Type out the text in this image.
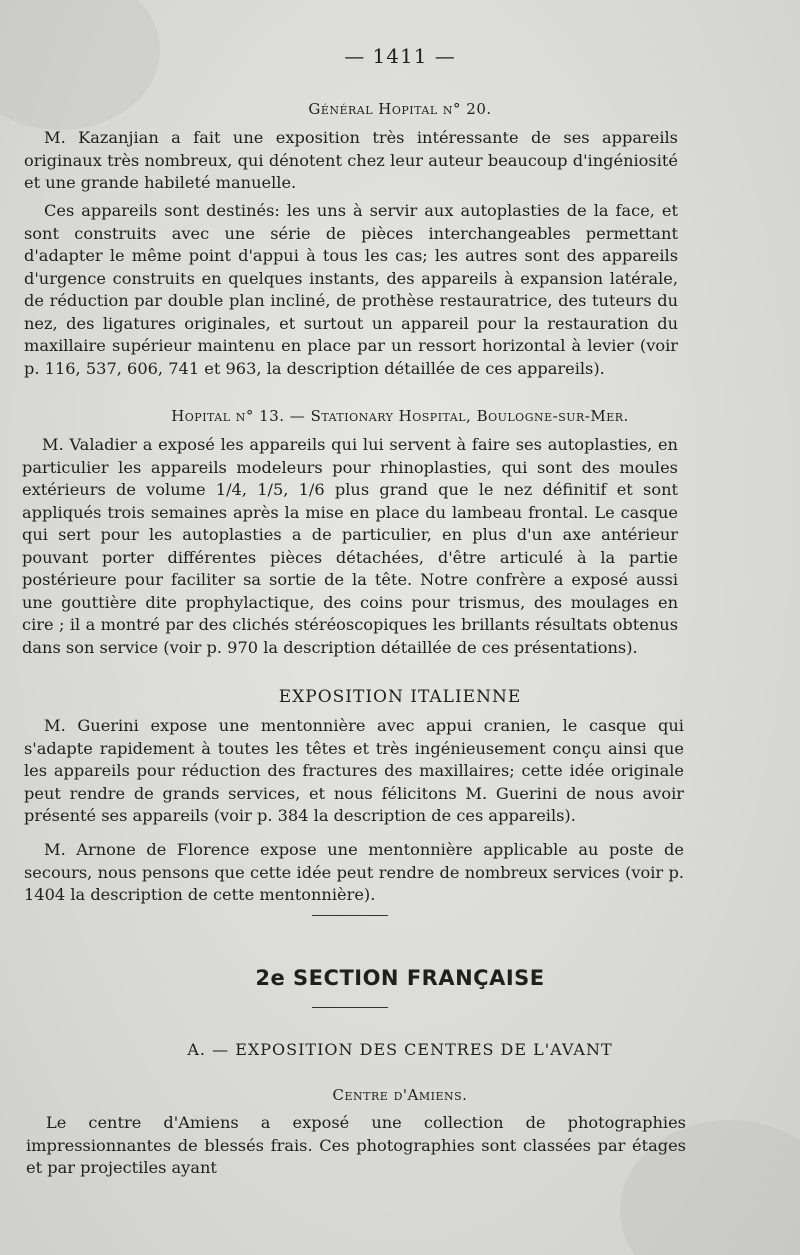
— 1411 —
Général Hopital n° 20.
M. Kazanjian a fait une exposition très intéressante de ses appareils originaux très nombreux, qui dénotent chez leur auteur beaucoup d'ingéniosité et une grande habileté manuelle.
Ces appareils sont destinés: les uns à servir aux autoplasties de la face, et sont construits avec une série de pièces interchangeables permettant d'adapter le même point d'appui à tous les cas; les autres sont des appareils d'urgence construits en quelques instants, des appareils à expansion latérale, de réduction par double plan incliné, de prothèse restauratrice, des tuteurs du nez, des ligatures originales, et surtout un appareil pour la restauration du maxillaire supérieur maintenu en place par un ressort horizontal à levier (voir p. 116, 537, 606, 741 et 963, la description détaillée de ces appareils).
Hopital n° 13. — Stationary Hospital, Boulogne-sur-Mer.
M. Valadier a exposé les appareils qui lui servent à faire ses autoplasties, en particulier les appareils modeleurs pour rhinoplasties, qui sont des moules extérieurs de volume 1/4, 1/5, 1/6 plus grand que le nez définitif et sont appliqués trois semaines après la mise en place du lambeau frontal. Le casque qui sert pour les autoplasties a de particulier, en plus d'un axe antérieur pouvant porter différentes pièces détachées, d'être articulé à la partie postérieure pour faciliter sa sortie de la tête. Notre confrère a exposé aussi une gouttière dite prophylactique, des coins pour trismus, des moulages en cire ; il a montré par des clichés stéréoscopiques les brillants résultats obtenus dans son service (voir p. 970 la description détaillée de ces présentations).
EXPOSITION ITALIENNE
M. Guerini expose une mentonnière avec appui cranien, le casque qui s'adapte rapidement à toutes les têtes et très ingénieusement conçu ainsi que les appareils pour réduction des fractures des maxillaires; cette idée originale peut rendre de grands services, et nous félicitons M. Guerini de nous avoir présenté ses appareils (voir p. 384 la description de ces appareils).
M. Arnone de Florence expose une mentonnière applicable au poste de secours, nous pensons que cette idée peut rendre de nombreux services (voir p. 1404 la description de cette mentonnière).
2e SECTION FRANÇAISE
A. — EXPOSITION DES CENTRES DE L'AVANT
Centre d'Amiens.
Le centre d'Amiens a exposé une collection de photographies impressionnantes de blessés frais. Ces photographies sont classées par étages et par projectiles ayant
